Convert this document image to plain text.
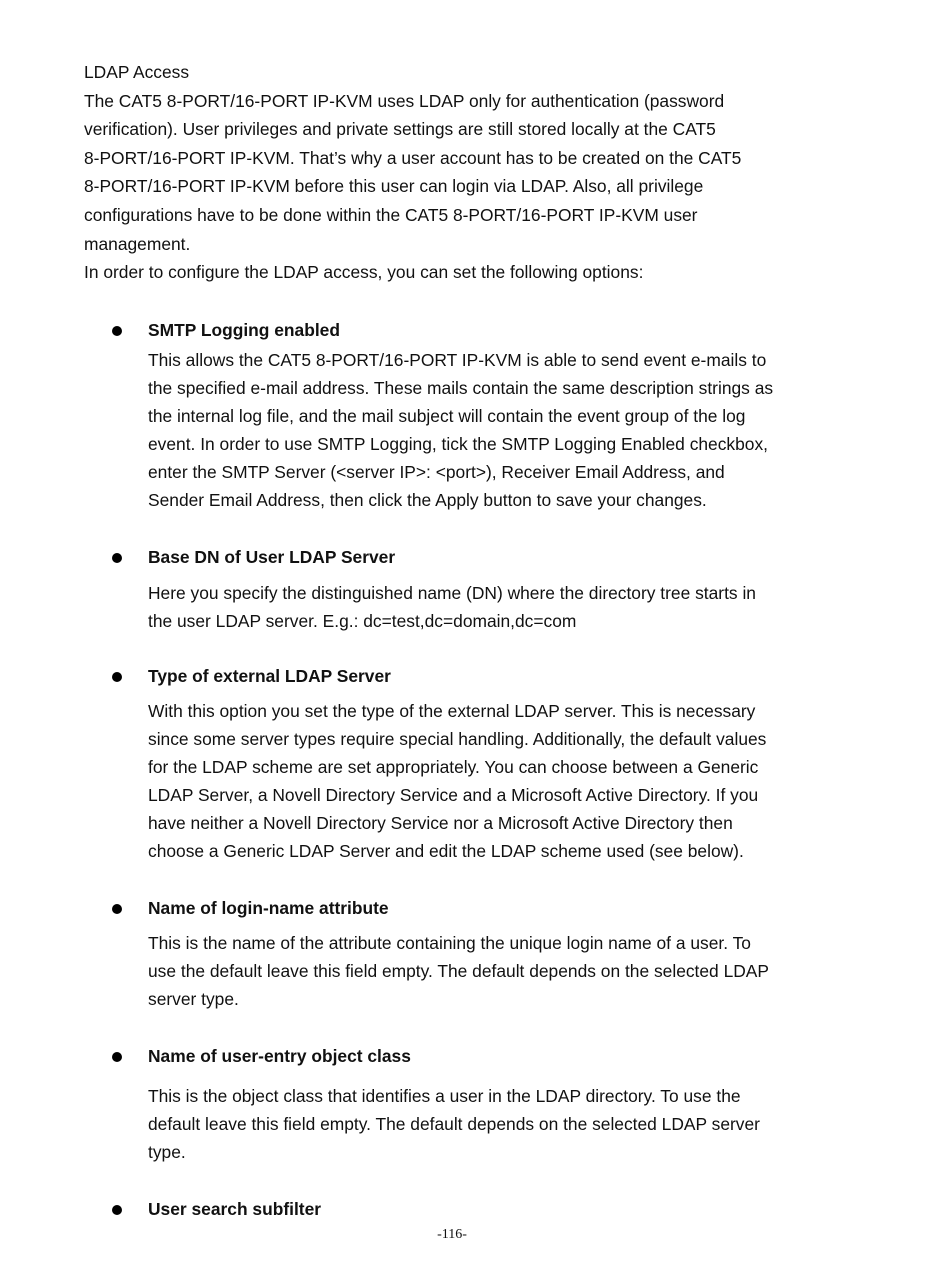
LDAP Access

The CAT5 8-PORT/16-PORT IP-KVM uses LDAP only for authentication (password

verification). User privileges and private settings are still stored locally at the CAT5

8-PORT/16-PORT IP-KVM. That’s why a user account has to be created on the CAT5

8-PORT/16-PORT IP-KVM before this user can login via LDAP. Also, all privilege

configurations have to be done within the CAT5 8-PORT/16-PORT IP-KVM user

management.

In order to configure the LDAP access, you can set the following options:

SMTP Logging enabled

This allows the CAT5 8-PORT/16-PORT IP-KVM is able to send event e-mails to

the specified e-mail address. These mails contain the same description strings as

the internal log file, and the mail subject will contain the event group of the log

event. In order to use SMTP Logging, tick the SMTP Logging Enabled checkbox,

enter the SMTP Server (<server IP>: <port>), Receiver Email Address, and

Sender Email Address, then click the Apply button to save your changes.

Base DN of User LDAP Server

Here you specify the distinguished name (DN) where the directory tree starts in

the user LDAP server. E.g.: dc=test,dc=domain,dc=com

Type of external LDAP Server

With this option you set the type of the external LDAP server. This is necessary

since some server types require special handling. Additionally, the default values

for the LDAP scheme are set appropriately. You can choose between a Generic

LDAP Server, a Novell Directory Service and a Microsoft Active Directory. If you

have neither a Novell Directory Service nor a Microsoft Active Directory then

choose a Generic LDAP Server and edit the LDAP scheme used (see below).

Name of login-name attribute

This is the name of the attribute containing the unique login name of a user. To

use the default leave this field empty. The default depends on the selected LDAP

server type.

Name of user-entry object class

This is the object class that identifies a user in the LDAP directory. To use the

default leave this field empty. The default depends on the selected LDAP server

type.

User search subfilter
-116-
